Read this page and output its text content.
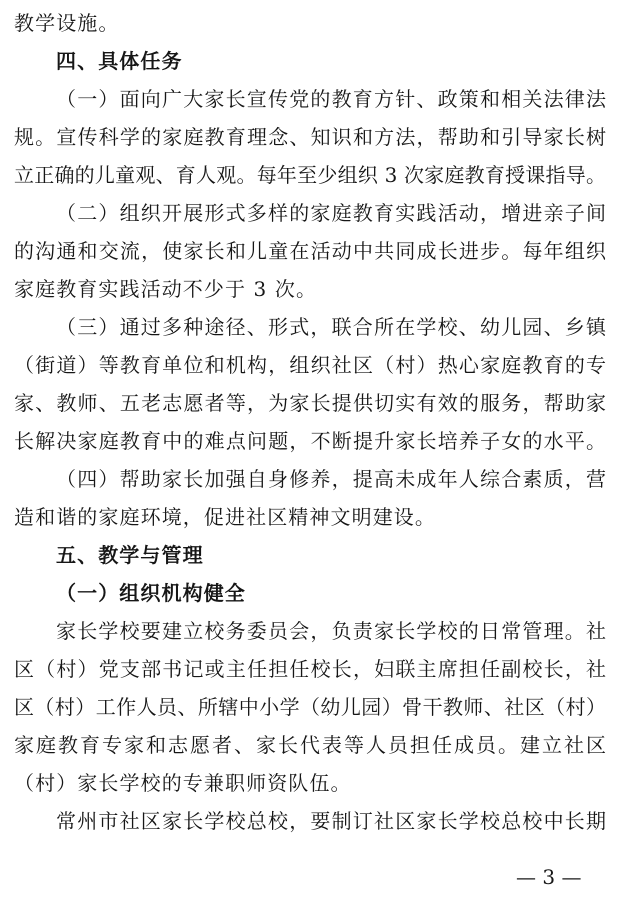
教学设施。
四、具体任务
（一）面向广大家长宣传党的教育方针、政策和相关法律法
规。宣传科学的家庭教育理念、知识和方法，帮助和引导家长树
立正确的儿童观、育人观。每年至少组织 3 次家庭教育授课指导。
（二）组织开展形式多样的家庭教育实践活动，增进亲子间
的沟通和交流，使家长和儿童在活动中共同成长进步。每年组织
家庭教育实践活动不少于 3 次。
（三）通过多种途径、形式，联合所在学校、幼儿园、乡镇
（街道）等教育单位和机构，组织社区（村）热心家庭教育的专
家、教师、五老志愿者等，为家长提供切实有效的服务，帮助家
长解决家庭教育中的难点问题，不断提升家长培养子女的水平。
（四）帮助家长加强自身修养，提高未成年人综合素质，营
造和谐的家庭环境，促进社区精神文明建设。
五、教学与管理
（一）组织机构健全
家长学校要建立校务委员会，负责家长学校的日常管理。社
区（村）党支部书记或主任担任校长，妇联主席担任副校长，社
区（村）工作人员、所辖中小学（幼儿园）骨干教师、社区（村）
家庭教育专家和志愿者、家长代表等人员担任成员。建立社区
（村）家长学校的专兼职师资队伍。
常州市社区家长学校总校，要制订社区家长学校总校中长期
— 3 —
